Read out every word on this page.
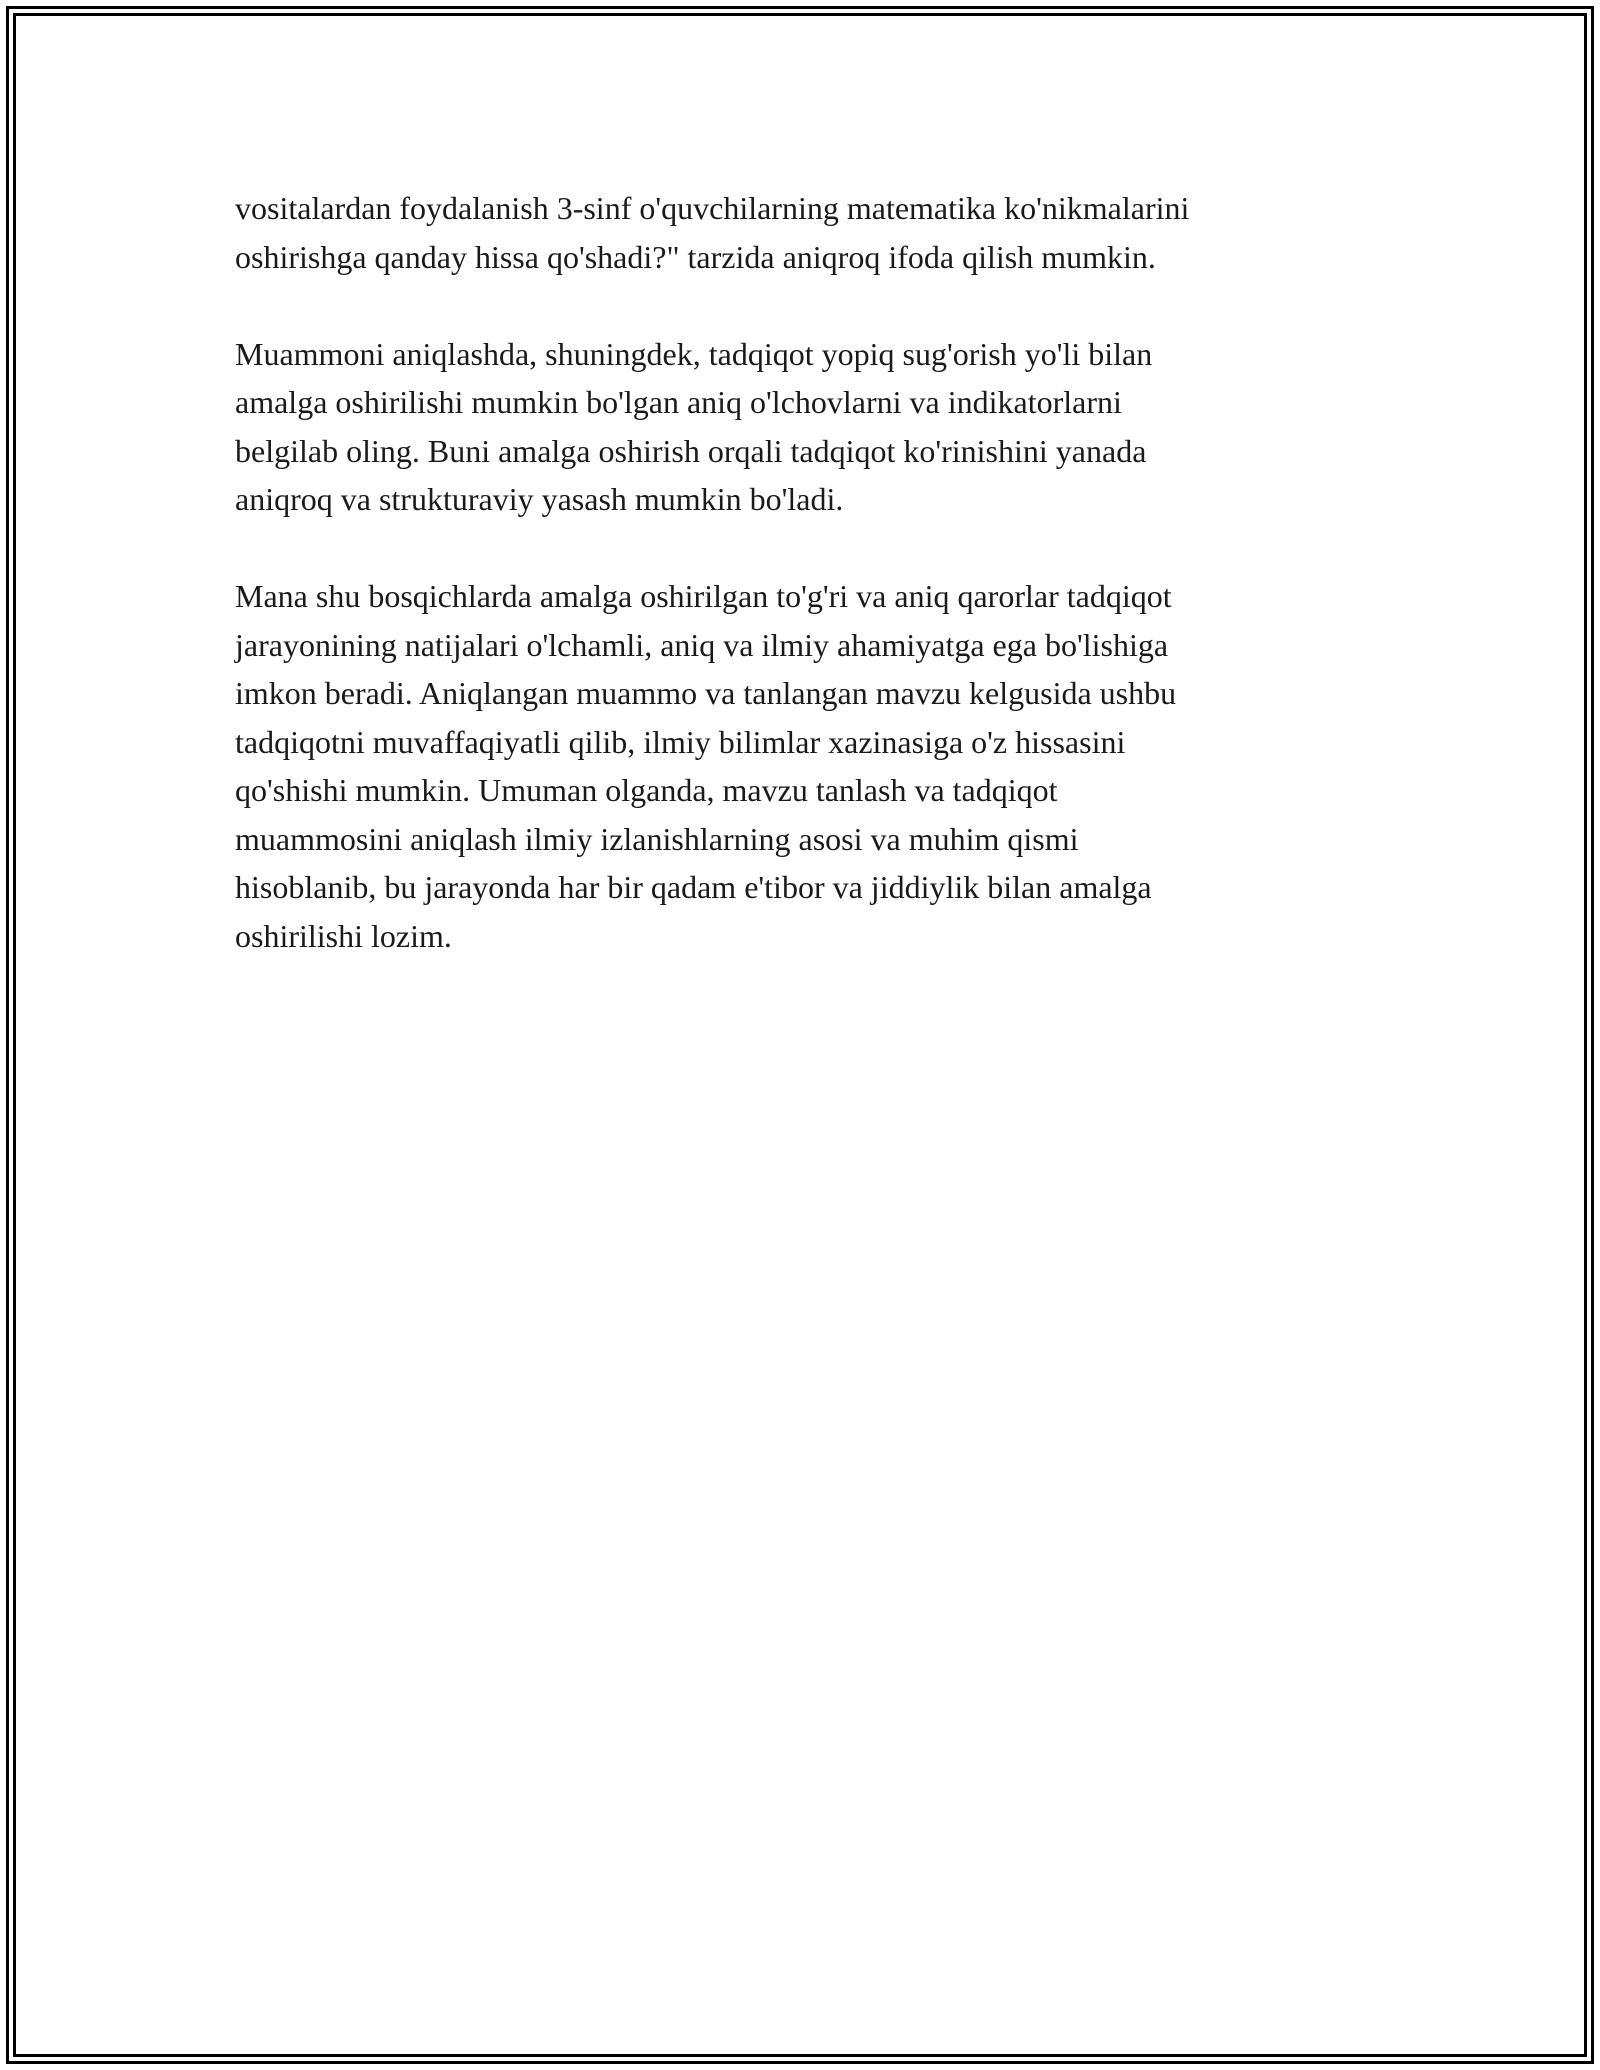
vositalardan foydalanish 3-sinf o'quvchilarning matematika ko'nikmalarini
oshirishga qanday hissa qo'shadi?" tarzida aniqroq ifoda qilish mumkin.

Muammoni aniqlashda, shuningdek, tadqiqot yopiq sug'orish yo'li bilan
amalga oshirilishi mumkin bo'lgan aniq o'lchovlarni va indikatorlarni
belgilab oling. Buni amalga oshirish orqali tadqiqot ko'rinishini yanada
aniqroq va strukturaviy yasash mumkin bo'ladi.

Mana shu bosqichlarda amalga oshirilgan to'g'ri va aniq qarorlar tadqiqot
jarayonining natijalari o'lchamli, aniq va ilmiy ahamiyatga ega bo'lishiga
imkon beradi. Aniqlangan muammo va tanlangan mavzu kelgusida ushbu
tadqiqotni muvaffaqiyatli qilib, ilmiy bilimlar xazinasiga o'z hissasini
qo'shishi mumkin. Umuman olganda, mavzu tanlash va tadqiqot
muammosini aniqlash ilmiy izlanishlarning asosi va muhim qismi
hisoblanib, bu jarayonda har bir qadam e'tibor va jiddiylik bilan amalga
oshirilishi lozim.
